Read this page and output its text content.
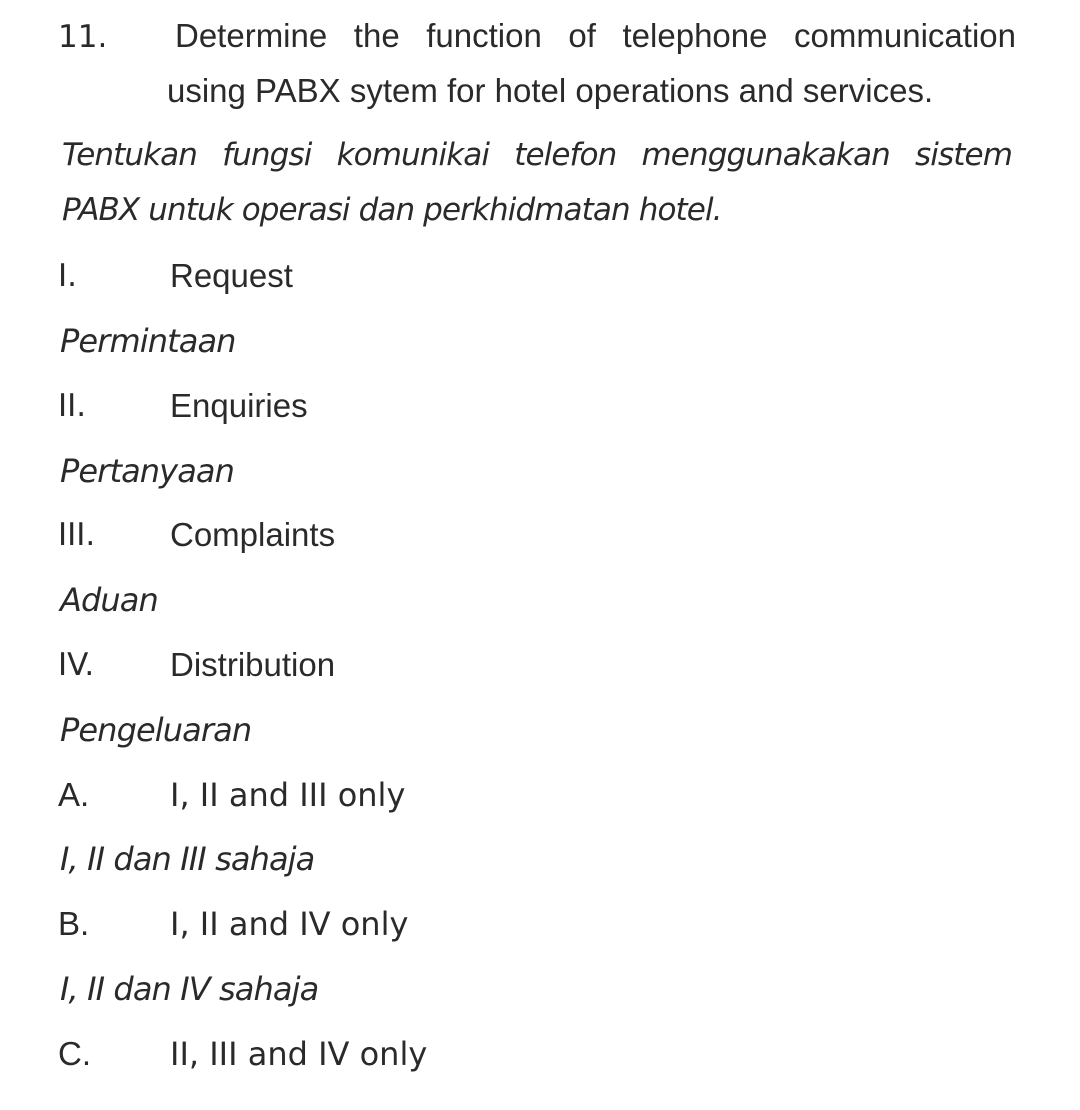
11. Determine the function of telephone communication
using PABX sytem for hotel operations and services.
Tentukan fungsi komunikai telefon menggunakakan sistem
PABX untuk operasi dan perkhidmatan hotel.
I.	Request
Permintaan
II.	Enquiries
Pertanyaan
III. Complaints
Aduan
IV. Distribution
Pengeluaran
A.	I, II and III only
I, II dan III sahaja
B.	I, II and IV only
I, II dan IV sahaja
C. II, III and IV only
